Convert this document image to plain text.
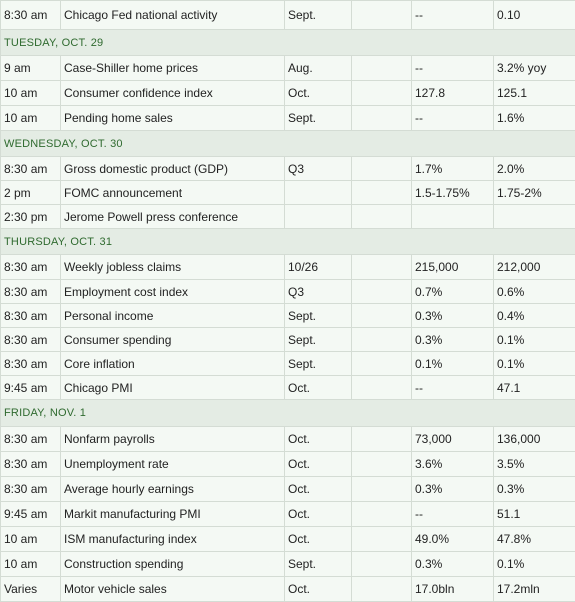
8:30 am	Chicago Fed national activity	Sept.		--	0.10
TUESDAY, OCT. 29					
9 am	Case-Shiller home prices	Aug.		--	3.2% yoy
10 am	Consumer confidence index	Oct.		127.8	125.1
10 am	Pending home sales	Sept.		--	1.6%
WEDNESDAY, OCT. 30					
8:30 am	Gross domestic product (GDP)	Q3		1.7%	2.0%
2 pm	FOMC announcement			1.5-1.75%	1.75-2%
2:30 pm	Jerome Powell press conference				
THURSDAY, OCT. 31					
8:30 am	Weekly jobless claims	10/26		215,000	212,000
8:30 am	Employment cost index	Q3		0.7%	0.6%
8:30 am	Personal income	Sept.		0.3%	0.4%
8:30 am	Consumer spending	Sept.		0.3%	0.1%
8:30 am	Core inflation	Sept.		0.1%	0.1%
9:45 am	Chicago PMI	Oct.		--	47.1
FRIDAY, NOV. 1					
8:30 am	Nonfarm payrolls	Oct.		73,000	136,000
8:30 am	Unemployment rate	Oct.		3.6%	3.5%
8:30 am	Average hourly earnings	Oct.		0.3%	0.3%
9:45 am	Markit manufacturing PMI	Oct.		--	51.1
10 am	ISM manufacturing index	Oct.		49.0%	47.8%
10 am	Construction spending	Sept.		0.3%	0.1%
Varies	Motor vehicle sales	Oct.		17.0bln	17.2mln
